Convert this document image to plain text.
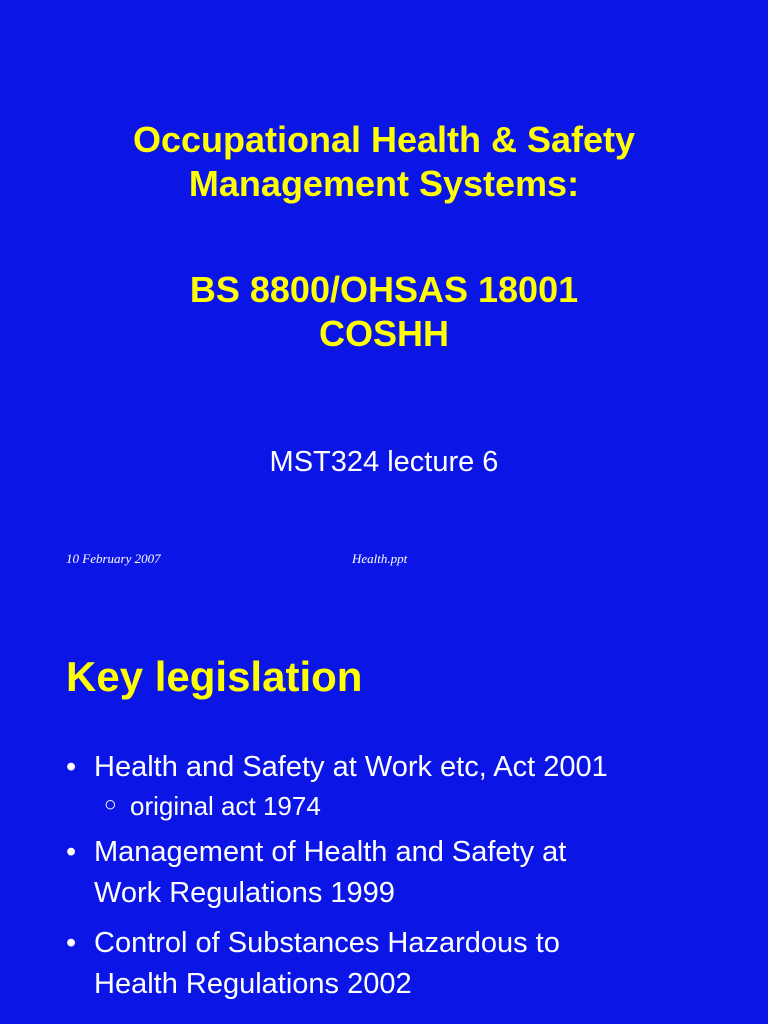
Occupational Health & Safety
Management Systems:
BS 8800/OHSAS 18001
COSHH
MST324 lecture 6
10 February 2007	Health.ppt
Key legislation
• Health and Safety at Work etc, Act 2001
○ original act 1974
• Management of Health and Safety at
Work Regulations 1999
• Control of Substances Hazardous to
Health Regulations 2002
